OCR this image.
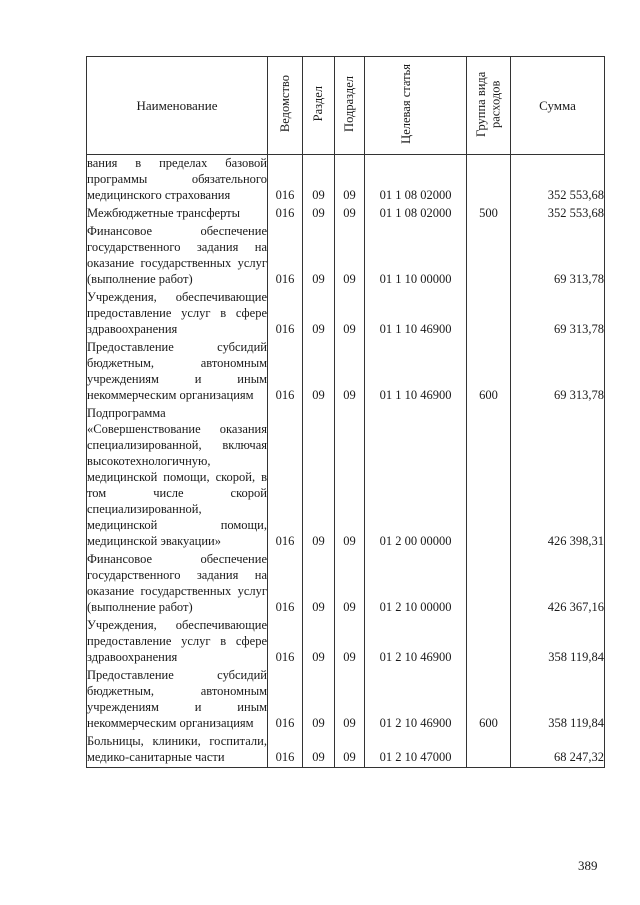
Наименование	Ведомство	Раздел	Подраздел	Целевая статья	Группа вида расходов	Сумма
вания в пределах базовой программы обязательного медицинского страхования	016	09	09	01 1 08 02000		352 553,68
Межбюджетные трансферты	016	09	09	01 1 08 02000	500	352 553,68
Финансовое обеспечение государственного задания на оказание государственных услуг (выполнение работ)	016	09	09	01 1 10 00000		69 313,78
Учреждения, обеспечивающие предоставление услуг в сфере здравоохранения	016	09	09	01 1 10 46900		69 313,78
Предоставление субсидий бюджетным, автономным учреждениям и иным некоммерческим организациям	016	09	09	01 1 10 46900	600	69 313,78
Подпрограмма «Совершенствование оказания специализированной, включая высокотехнологичную, медицинской помощи, скорой, в том числе скорой специализированной, медицинской помощи, медицинской эвакуации»	016	09	09	01 2 00 00000		426 398,31
Финансовое обеспечение государственного задания на оказание государственных услуг (выполнение работ)	016	09	09	01 2 10 00000		426 367,16
Учреждения, обеспечивающие предоставление услуг в сфере здравоохранения	016	09	09	01 2 10 46900		358 119,84
Предоставление субсидий бюджетным, автономным учреждениям и иным некоммерческим организациям	016	09	09	01 2 10 46900	600	358 119,84
Больницы, клиники, госпитали, медико-санитарные части	016	09	09	01 2 10 47000		68 247,32
389
